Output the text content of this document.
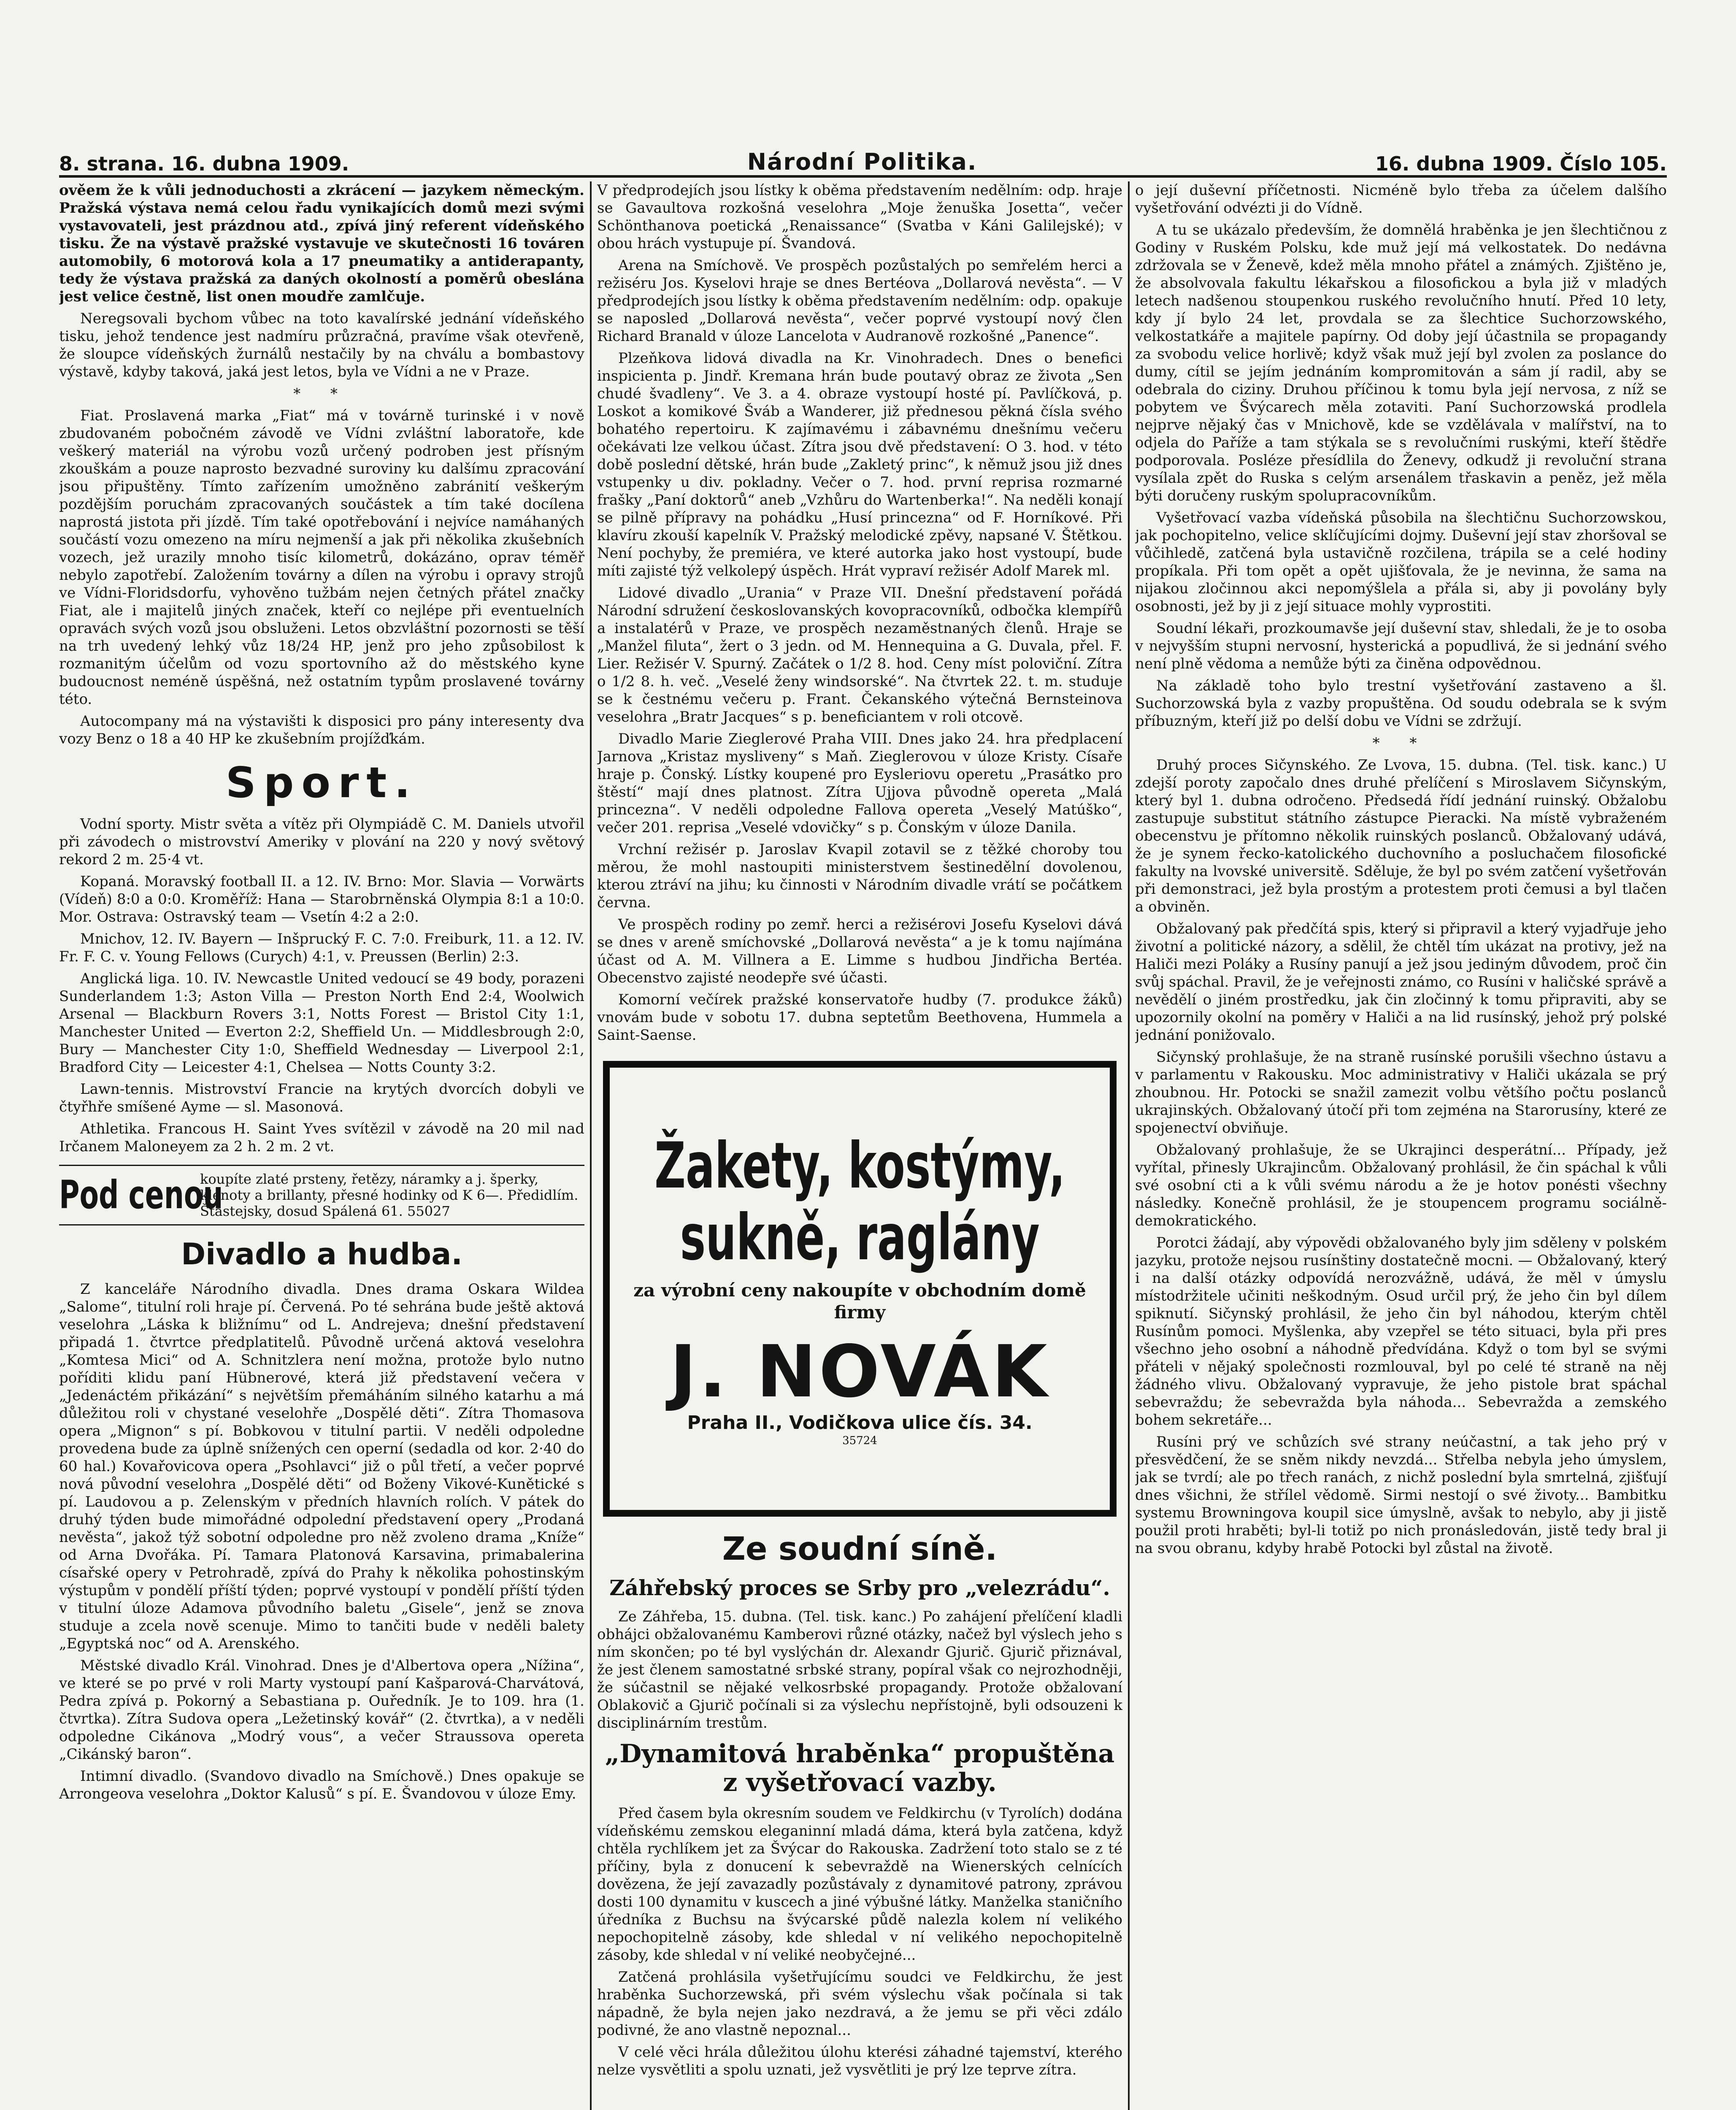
8. strana. 16. dubna 1909.	Národní Politika.	16. dubna 1909. Číslo 105.

ověem že k vůli jednoduchosti a zkrácení — jazykem německým. Pražská výstava nemá celou řadu vynikajících domů mezi svými vystavovateli, jest prázdnou atd., zpívá jiný referent vídeňského tisku. Že na výstavě pražské vystavuje ve skutečnosti 16 továren automobily, 6 motorová kola a 17 pneumatiky a antiderapanty, tedy že výstava pražská za daných okolností a poměrů obeslána jest velice čestně, list onen moudře zamlčuje.

Neregsovali bychom vůbec na toto kavalírské jednání vídeňského tisku, jehož tendence jest nadmíru průzračná, pravíme však otevřeně, že sloupce vídeňských žurnálů nestačily by na chválu a bombastovy výstavě, kdyby taková, jaká jest letos, byla ve Vídni a ne v Praze.

* *

Fiat. Proslavená marka „Fiat“ má v továrně turinské i v nově zbudovaném pobočném závodě ve Vídni zvláštní laboratoře, kde veškerý materiál na výrobu vozů určený podroben jest přísným zkouškám a pouze naprosto bezvadné suroviny ku dalšímu zpracování jsou připuštěny. Tímto zařízením umožněno zabránití veškerým pozdějším poruchám zpracovaných součástek a tím také docílena naprostá jistota při jízdě. Tím také opotřebování i nejvíce namáhaných součástí vozu omezeno na míru nejmenší a jak při několika zkušebních vozech, jež urazily mnoho tisíc kilometrů, dokázáno, oprav téměř nebylo zapotřebí. Založením továrny a dílen na výrobu i opravy strojů ve Vídni-Floridsdorfu, vyhověno tužbám nejen četných přátel značky Fiat, ale i majitelů jiných značek, kteří co nejlépe při eventuelních opravách svých vozů jsou obsluženi. Letos obzvláštní pozornosti se těší na trh uvedený lehký vůz 18/24 HP, jenž pro jeho způsobilost k rozmanitým účelům od vozu sportovního až do městského kyne budoucnost neméně úspěšná, než ostatním typům proslavené továrny této.

Autocompany má na výstavišti k disposici pro pány interesenty dva vozy Benz o 18 a 40 HP ke zkušebním projížďkám.

Sport.

Vodní sporty. Mistr světa a vítěz při Olympiádě C. M. Daniels utvořil při závodech o mistrovství Ameriky v plování na 220 y nový světový rekord 2 m. 25·4 vt.

Kopaná. Moravský football II. a 12. IV. Brno: Mor. Slavia — Vorwärts (Vídeň) 8:0 a 0:0. Kroměříž: Hana — Starobrněnská Olympia 8:1 a 10:0. Mor. Ostrava: Ostravský team — Vsetín 4:2 a 2:0.

Mnichov, 12. IV. Bayern — Inšprucký F. C. 7:0. Freiburk, 11. a 12. IV. Fr. F. C. v. Young Fellows (Curych) 4:1, v. Preussen (Berlin) 2:3.

Anglická liga. 10. IV. Newcastle United vedoucí se 49 body, porazeni Sunderlandem 1:3; Aston Villa — Preston North End 2:4, Woolwich Arsenal — Blackburn Rovers 3:1, Notts Forest — Bristol City 1:1, Manchester United — Everton 2:2, Sheffield Un. — Middlesbrough 2:0, Bury — Manchester City 1:0, Sheffield Wednesday — Liverpool 2:1, Bradford City — Leicester 4:1, Chelsea — Notts County 3:2.

Lawn-tennis. Mistrovství Francie na krytých dvorcích dobyli ve čtyřhře smíšené Ayme — sl. Masonová.

Athletika. Francous H. Saint Yves svítězil v závodě na 20 mil nad Irčanem Maloneyem za 2 h. 2 m. 2 vt.

Pod cenou
koupíte zlaté prsteny, řetězy, náramky a j. šperky, klenoty a brillanty, přesné hodinky od K 6—. Předidlím. Štastejsky, dosud Spálená 61. 55027

Divadlo a hudba.

Z kanceláře Národního divadla. Dnes drama Oskara Wildea „Salome“, titulní roli hraje pí. Červená. Po té sehrána bude ještě aktová veselohra „Láska k bližnímu“ od L. Andrejeva; dnešní představení připadá 1. čtvrtce předplatitelů. Původně určená aktová veselohra „Komtesa Mici“ od A. Schnitzlera není možna, protože bylo nutno poříditi klidu paní Hübnerové, která již představení večera v „Jedenáctém přikázání“ s největším přemáháním silného katarhu a má důležitou roli v chystané veselohře „Dospělé děti“. Zítra Thomasova opera „Mignon“ s pí. Bobkovou v titulní partii. V neděli odpoledne provedena bude za úplně snížených cen operní (sedadla od kor. 2·40 do 60 hal.) Kovařovicova opera „Psohlavci“ již o půl třetí, a večer poprvé nová původní veselohra „Dospělé děti“ od Boženy Vikové-Kunětické s pí. Laudovou a p. Zelenským v předních hlavních rolích. V pátek do druhý týden bude mimořádné odpolední představení opery „Prodaná nevěsta“, jakož týž sobotní odpoledne pro něž zvoleno drama „Kníže“ od Arna Dvořáka. Pí. Tamara Platonová Karsavina, primabalerina císařské opery v Petrohradě, zpívá do Prahy k několika pohostinským výstupům v pondělí příští týden; poprvé vystoupí v pondělí příští týden v titulní úloze Adamova původního baletu „Gisele“, jenž se znova studuje a zcela nově scenuje. Mimo to tančiti bude v neděli balety „Egyptská noc“ od A. Arenského.

Městské divadlo Král. Vinohrad. Dnes je d'Albertova opera „Nížina“, ve které se po prvé v roli Marty vystoupí paní Kašparová-Charvátová, Pedra zpívá p. Pokorný a Sebastiana p. Ouředník. Je to 109. hra (1. čtvrtka). Zítra Sudova opera „Ležetinský kovář“ (2. čtvrtka), a v neděli odpoledne Cikánova „Modrý vous“, a večer Straussova opereta „Cikánský baron“.

Intimní divadlo. (Svandovo divadlo na Smíchově.) Dnes opakuje se Arrongeova veselohra „Doktor Kalusů“ s pí. E. Švandovou v úloze Emy.

V předprodejích jsou lístky k oběma představením nedělním: odp. hraje se Gavaultova rozkošná veselohra „Moje ženuška Josetta“, večer Schönthanova poetická „Renaissance“ (Svatba v Káni Galilejské); v obou hrách vystupuje pí. Švandová.

Arena na Smíchově. Ve prospěch pozůstalých po semřelém herci a režiséru Jos. Kyselovi hraje se dnes Bertéova „Dollarová nevěsta“. — V předprodejích jsou lístky k oběma představením nedělním: odp. opakuje se naposled „Dollarová nevěsta“, večer poprvé vystoupí nový člen Richard Branald v úloze Lancelota v Audranově rozkošné „Panence“.

Plzeňkova lidová divadla na Kr. Vinohradech. Dnes o benefici inspicienta p. Jindř. Kremana hrán bude poutavý obraz ze života „Sen chudé švadleny“. Ve 3. a 4. obraze vystoupí hosté pí. Pavlíčková, p. Loskot a komikové Šváb a Wanderer, již přednesou pěkná čísla svého bohatého repertoiru. K zajímavému i zábavnému dnešnímu večeru očekávati lze velkou účast. Zítra jsou dvě představení: O 3. hod. v této době poslední dětské, hrán bude „Zakletý princ“, k němuž jsou již dnes vstupenky u div. pokladny. Večer o 7. hod. první reprisa rozmarné frašky „Paní doktorů“ aneb „Vzhůru do Wartenberka!“. Na neděli konají se pilně přípravy na pohádku „Husí princezna“ od F. Horníkové. Při klavíru zkouší kapelník V. Pražský melodické zpěvy, napsané V. Štětkou. Není pochyby, že premiéra, ve které autorka jako host vystoupí, bude míti zajisté týž velkolepý úspěch. Hrát vypraví režisér Adolf Marek ml.

Lidové divadlo „Urania“ v Praze VII. Dnešní představení pořádá Národní sdružení českoslovanských kovopracovníků, odbočka klempířů a instalatérů v Praze, ve prospěch nezaměstnaných členů. Hraje se „Manžel filuta“, žert o 3 jedn. od M. Hennequina a G. Duvala, přel. F. Lier. Režisér V. Spurný. Začátek o 1/2 8. hod. Ceny míst poloviční. Zítra o 1/2 8. h. več. „Veselé ženy windsorské“. Na čtvrtek 22. t. m. studuje se k čestnému večeru p. Frant. Čekanského výtečná Bernsteinova veselohra „Bratr Jacques“ s p. beneficiantem v roli otcově.

Divadlo Marie Zieglerové Praha VIII. Dnes jako 24. hra předplacení Jarnova „Kristaz mysliveny“ s Maň. Zieglerovou v úloze Kristy. Císaře hraje p. Čonský. Lístky koupené pro Eysleriovu operetu „Prasátko pro štěstí“ mají dnes platnost. Zítra Ujjova původně opereta „Malá princezna“. V neděli odpoledne Fallova opereta „Veselý Matúško“, večer 201. reprisa „Veselé vdovičky“ s p. Čonským v úloze Danila.

Vrchní režisér p. Jaroslav Kvapil zotavil se z těžké choroby tou měrou, že mohl nastoupiti ministerstvem šestinedělní dovolenou, kterou ztráví na jihu; ku činnosti v Národním divadle vrátí se počátkem června.

Ve prospěch rodiny po zemř. herci a režisérovi Josefu Kyselovi dává se dnes v areně smíchovské „Dollarová nevěsta“ a je k tomu najímána účast od A. M. Villnera a E. Limme s hudbou Jindřicha Bertéa. Obecenstvo zajisté neodepře své účasti.

Komorní večírek pražské konservatoře hudby (7. produkce žáků) vnovám bude v sobotu 17. dubna septetům Beethovena, Hummela a Saint-Saense.

Žakety, kostýmy,
sukně, raglány
za výrobní ceny nakoupíte v obchodním domě firmy
J. NOVÁK
Praha II., Vodičkova ulice čís. 34.
35724

Ze soudní síně.

Záhřebský proces se Srby pro „velezrádu“.

Ze Záhřeba, 15. dubna. (Tel. tisk. kanc.) Po zahájení přelíčení kladli obhájci obžalovanému Kamberovi různé otázky, načež byl výslech jeho s ním skončen; po té byl vyslýchán dr. Alexandr Gjurič. Gjurič přiznával, že jest členem samostatné srbské strany, popíral však co nejrozhodněji, že súčastnil se nějaké velkosrbské propagandy. Protože obžalovaní Oblakovič a Gjurič počínali si za výslechu nepřístojně, byli odsouzeni k disciplinárním trestům.

„Dynamitová hraběnka“ propuštěna z vyšetřovací vazby.

Před časem byla okresním soudem ve Feldkirchu (v Tyrolích) dodána vídeňskému zemskou eleganinní mladá dáma, která byla zatčena, když chtěla rychlíkem jet za Švýcar do Rakouska. Zadržení toto stalo se z té příčiny, byla z donucení k sebevraždě na Wienerských celnících dovězena, že její zavazadly pozůstávaly z dynamitové patrony, zprávou dosti 100 dynamitu v kuscech a jiné výbušné látky. Manželka staničního úředníka z Buchsu na švýcarské půdě nalezla kolem ní velikého nepochopitelně zásoby, kde shledal v ní velikého nepochopitelně zásoby, kde shledal v ní veliké neobyčejné...

Zatčená prohlásila vyšetřujícímu soudci ve Feldkirchu, že jest hraběnka Suchorzewská, při svém výslechu však počínala si tak nápadně, že byla nejen jako nezdravá, a že jemu se při věci zdálo podivné, že ano vlastně nepoznal...

V celé věci hrála důležitou úlohu kterési záhadné tajemství, kterého nelze vysvětliti a spolu uznati, jež vysvětliti je prý lze teprve zítra.

o její duševní příčetnosti. Nicméně bylo třeba za účelem dalšího vyšetřování odvézti ji do Vídně.

A tu se ukázalo především, že domnělá hraběnka je jen šlechtičnou z Godiny v Ruském Polsku, kde muž její má velkostatek. Do nedávna zdržovala se v Ženevě, kdež měla mnoho přátel a známých. Zjištěno je, že absolvovala fakultu lékařskou a filosofickou a byla již v mladých letech nadšenou stoupenkou ruského revolučního hnutí. Před 10 lety, kdy jí bylo 24 let, provdala se za šlechtice Suchorzowského, velkostatkáře a majitele papírny. Od doby její účastnila se propagandy za svobodu velice horlivě; když však muž její byl zvolen za poslance do dumy, cítil se jejím jednáním kompromitován a sám jí radil, aby se odebrala do ciziny. Druhou příčinou k tomu byla její nervosa, z níž se pobytem ve Švýcarech měla zotaviti. Paní Suchorzowská prodlela nejprve nějaký čas v Mnichově, kde se vzdělávala v malířství, na to odjela do Paříže a tam stýkala se s revolučními ruskými, kteří štědře podporovala. Posléze přesídlila do Ženevy, odkudž ji revoluční strana vysílala zpět do Ruska s celým arsenálem třaskavin a peněz, jež měla býti doručeny ruským spolupracovníkům.

Vyšetřovací vazba vídeňská působila na šlechtičnu Suchorzowskou, jak pochopitelno, velice sklíčujícími dojmy. Duševní její stav zhoršoval se vůčihledě, zatčená byla ustavičně rozčilena, trápila se a celé hodiny propíkala. Při tom opět a opět ujišťovala, že je nevinna, že sama na nijakou zločinnou akci nepomýšlela a přála si, aby ji povolány byly osobnosti, jež by ji z její situace mohly vyprostiti.

Soudní lékaři, prozkoumavše její duševní stav, shledali, že je to osoba v nejvyšším stupni nervosní, hysterická a popudlivá, že si jednání svého není plně vědoma a nemůže býti za činěna odpovědnou.

Na základě toho bylo trestní vyšetřování zastaveno a šl. Suchorzowská byla z vazby propuštěna. Od soudu odebrala se k svým příbuzným, kteří již po delší dobu ve Vídni se zdržují.

* *

Druhý proces Sičynského. Ze Lvova, 15. dubna. (Tel. tisk. kanc.) U zdejší poroty započalo dnes druhé přelíčení s Miroslavem Sičynským, který byl 1. dubna odročeno. Předsedá řídí jednání ruinský. Obžalobu zastupuje substitut státního zástupce Pieracki. Na místě vybraženém obecenstvu je přítomno několik ruinských poslanců. Obžalovaný udává, že je synem řecko-katolického duchovního a posluchačem filosofické fakulty na lvovské universitě. Sděluje, že byl po svém zatčení vyšetřován při demonstraci, jež byla prostým a protestem proti čemusi a byl tlačen a obviněn.

Obžalovaný pak předčítá spis, který si připravil a který vyjadřuje jeho životní a politické názory, a sdělil, že chtěl tím ukázat na protivy, jež na Haliči mezi Poláky a Rusíny panují a jež jsou jediným důvodem, proč čin svůj spáchal. Pravil, že je veřejnosti známo, co Rusíni v haličské správě a nevědělí o jiném prostředku, jak čin zločinný k tomu připraviti, aby se upozornily okolní na poměry v Haliči a na lid rusínský, jehož prý polské jednání ponižovalo.

Sičynský prohlašuje, že na straně rusínské porušili všechno ústavu a v parlamentu v Rakousku. Moc administrativy v Haliči ukázala se prý zhoubnou. Hr. Potocki se snažil zamezit volbu většího počtu poslanců ukrajinských. Obžalovaný útočí při tom zejména na Starorusíny, které ze spojenectví obviňuje.

Obžalovaný prohlašuje, že se Ukrajinci desperátní... Případy, jež vyřítal, přinesly Ukrajincům. Obžalovaný prohlásil, že čin spáchal k vůli své osobní cti a k vůli svému národu a že je hotov ponésti všechny následky. Konečně prohlásil, že je stoupencem programu sociálně-demokratického.

Porotci žádají, aby výpovědi obžalovaného byly jim sděleny v polském jazyku, protože nejsou rusínštiny dostatečně mocni. — Obžalovaný, který i na další otázky odpovídá nerozvážně, udává, že měl v úmyslu místodržitele učiniti neškodným. Osud určil prý, že jeho čin byl dílem spiknutí. Sičynský prohlásil, že jeho čin byl náhodou, kterým chtěl Rusínům pomoci. Myšlenka, aby vzepřel se této situaci, byla při pres všechno jeho osobní a náhodně předvídána. Když o tom byl se svými přáteli v nějaký společnosti rozmlouval, byl po celé té straně na něj žádného vlivu. Obžalovaný vypravuje, že jeho pistole brat spáchal sebevraždu; že sebevražda byla náhoda... Sebevražda a zemského bohem sekretáře...

Rusíni prý ve schůzích své strany neúčastní, a tak jeho prý v přesvědčení, že se sněm nikdy nevzdá... Střelba nebyla jeho úmyslem, jak se tvrdí; ale po třech ranách, z nichž poslední byla smrtelná, zjišťují dnes všichni, že střílel vědomě. Sirmi nestojí o své životy... Bambitku systemu Browningova koupil sice úmyslně, avšak to nebylo, aby ji jistě použil proti hraběti; byl-li totiž po nich pronásledován, jistě tedy bral ji na svou obranu, kdyby hrabě Potocki byl zůstal na životě.
